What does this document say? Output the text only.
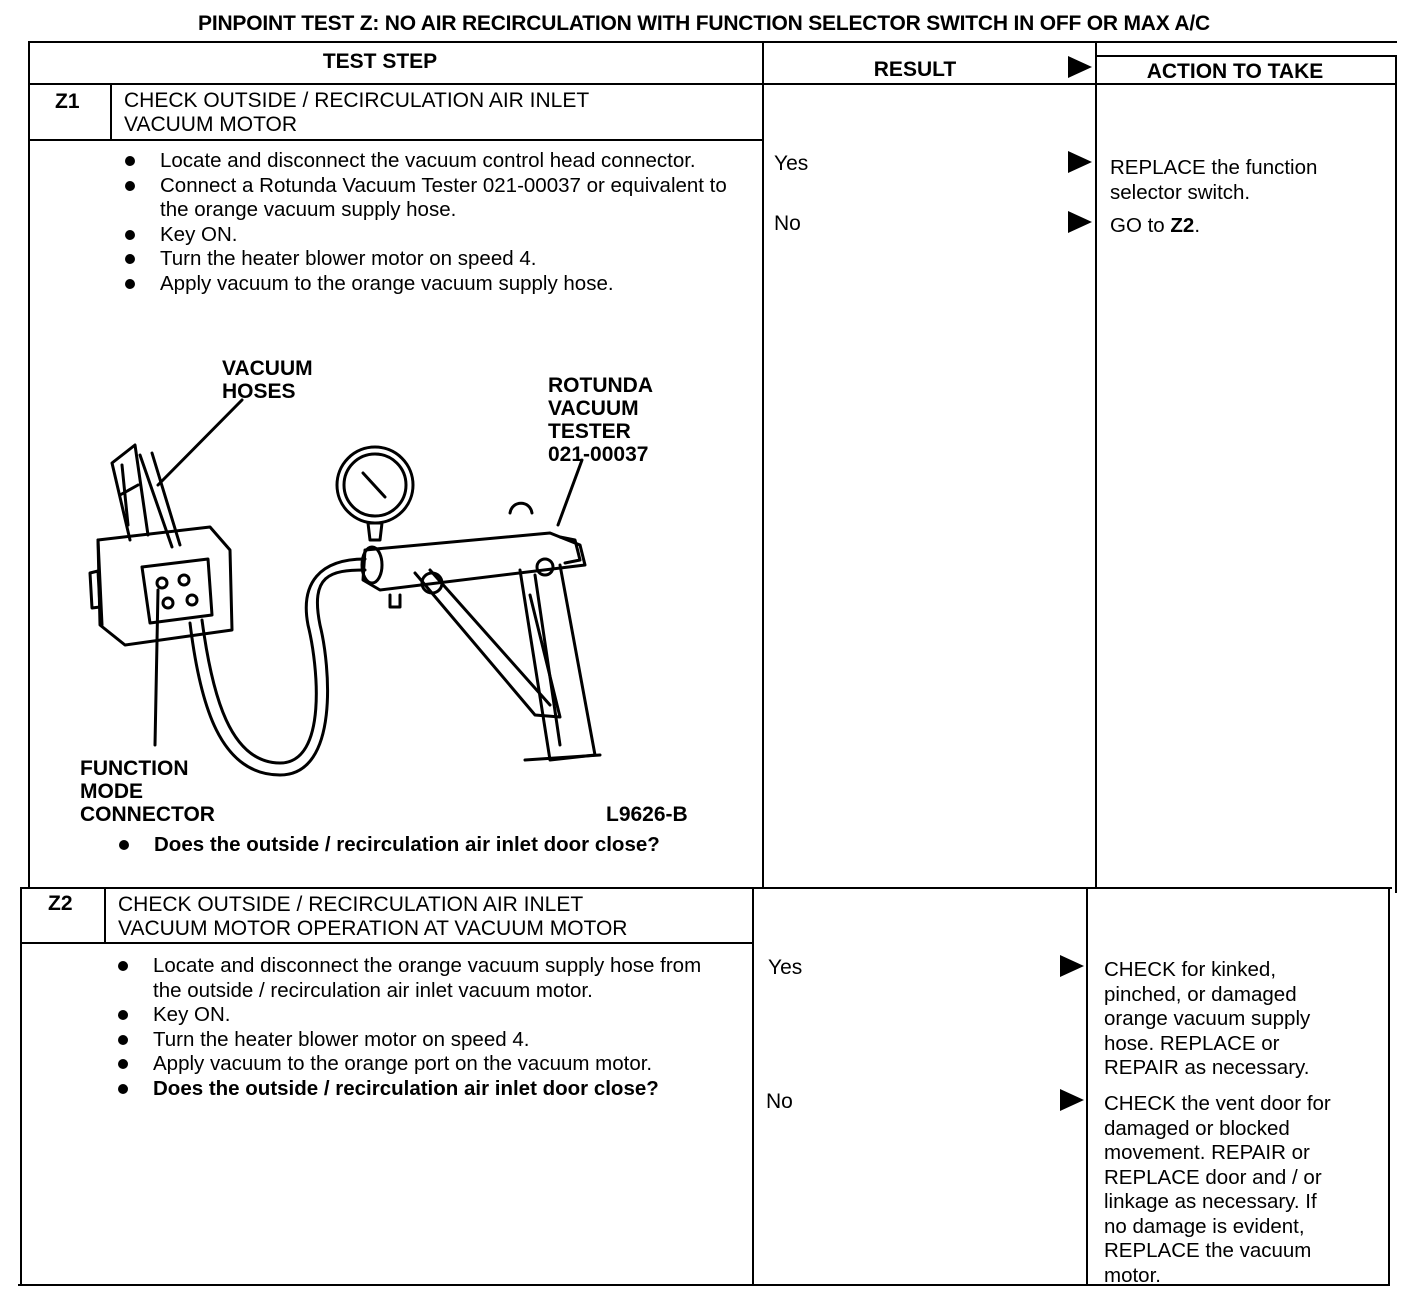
PINPOINT TEST Z: NO AIR RECIRCULATION WITH FUNCTION SELECTOR SWITCH IN OFF OR MAX A/C
TEST STEP	RESULT	ACTION TO TAKE
Z1 CHECK OUTSIDE / RECIRCULATION AIR INLET
VACUUM MOTOR
Locate and disconnect the vacuum control head connector.
Connect a Rotunda Vacuum Tester 021-00037 or equivalent to the orange vacuum supply hose.
Key ON.
Turn the heater blower motor on speed 4.
Apply vacuum to the orange vacuum supply hose.
VACUUM
HOSES	ROTUNDA
VACUUM
TESTER
021-00037
FUNCTION
MODE
CONNECTOR	L9626-B
Does the outside / recirculation air inlet door close?
Yes	REPLACE the function
selector switch.
No	GO to Z2.
Z2 CHECK OUTSIDE / RECIRCULATION AIR INLET
VACUUM MOTOR OPERATION AT VACUUM MOTOR
Locate and disconnect the orange vacuum supply hose from the outside / recirculation air inlet vacuum motor.
Key ON.
Turn the heater blower motor on speed 4.
Apply vacuum to the orange port on the vacuum motor.
Does the outside / recirculation air inlet door close?
Yes	CHECK for kinked,
pinched, or damaged
orange vacuum supply
hose. REPLACE or
REPAIR as necessary.
No	CHECK the vent door for
damaged or blocked
movement. REPAIR or
REPLACE door and / or
linkage as necessary. If
no damage is evident,
REPLACE the vacuum
motor.
